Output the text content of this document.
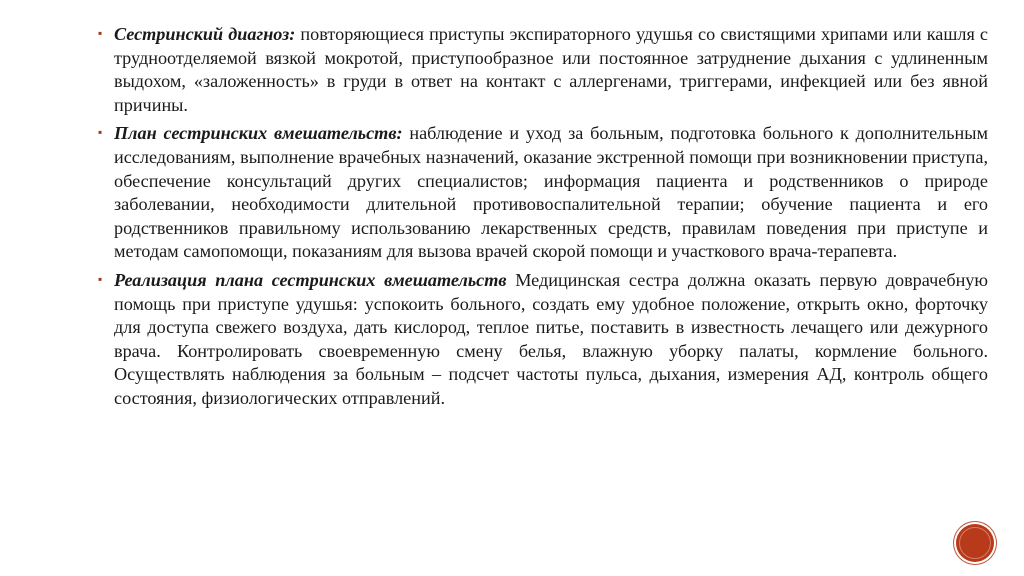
▪ Сестринский диагноз: повторяющиеся приступы экспираторного удушья со свистящими хрипами или кашля с трудноотделяемой вязкой мокротой, приступообразное или постоянное затруднение дыхания с удлиненным выдохом, «заложенность» в груди в ответ на контакт с аллергенами, триггерами, инфекцией или без явной причины.
▪ План сестринских вмешательств: наблюдение и уход за больным, подготовка больного к дополнительным исследованиям, выполнение врачебных назначений, оказание экстренной помощи при возникновении приступа, обеспечение консультаций других специалистов; информация пациента и родственников о природе заболевании, необходимости длительной противовоспалительной терапии; обучение пациента и его родственников правильному использованию лекарственных средств, правилам поведения при приступе и методам самопомощи, показаниям для вызова врачей скорой помощи и участкового врача-терапевта.
▪ Реализация плана сестринских вмешательств Медицинская сестра должна оказать первую доврачебную помощь при приступе удушья: успокоить больного, создать ему удобное положение, открыть окно, форточку для доступа свежего воздуха, дать кислород, теплое питье, поставить в известность лечащего или дежурного врача. Контролировать своевременную смену белья, влажную уборку палаты, кормление больного. Осуществлять наблюдения за больным – подсчет частоты пульса, дыхания, измерения АД, контроль общего состояния, физиологических отправлений.
